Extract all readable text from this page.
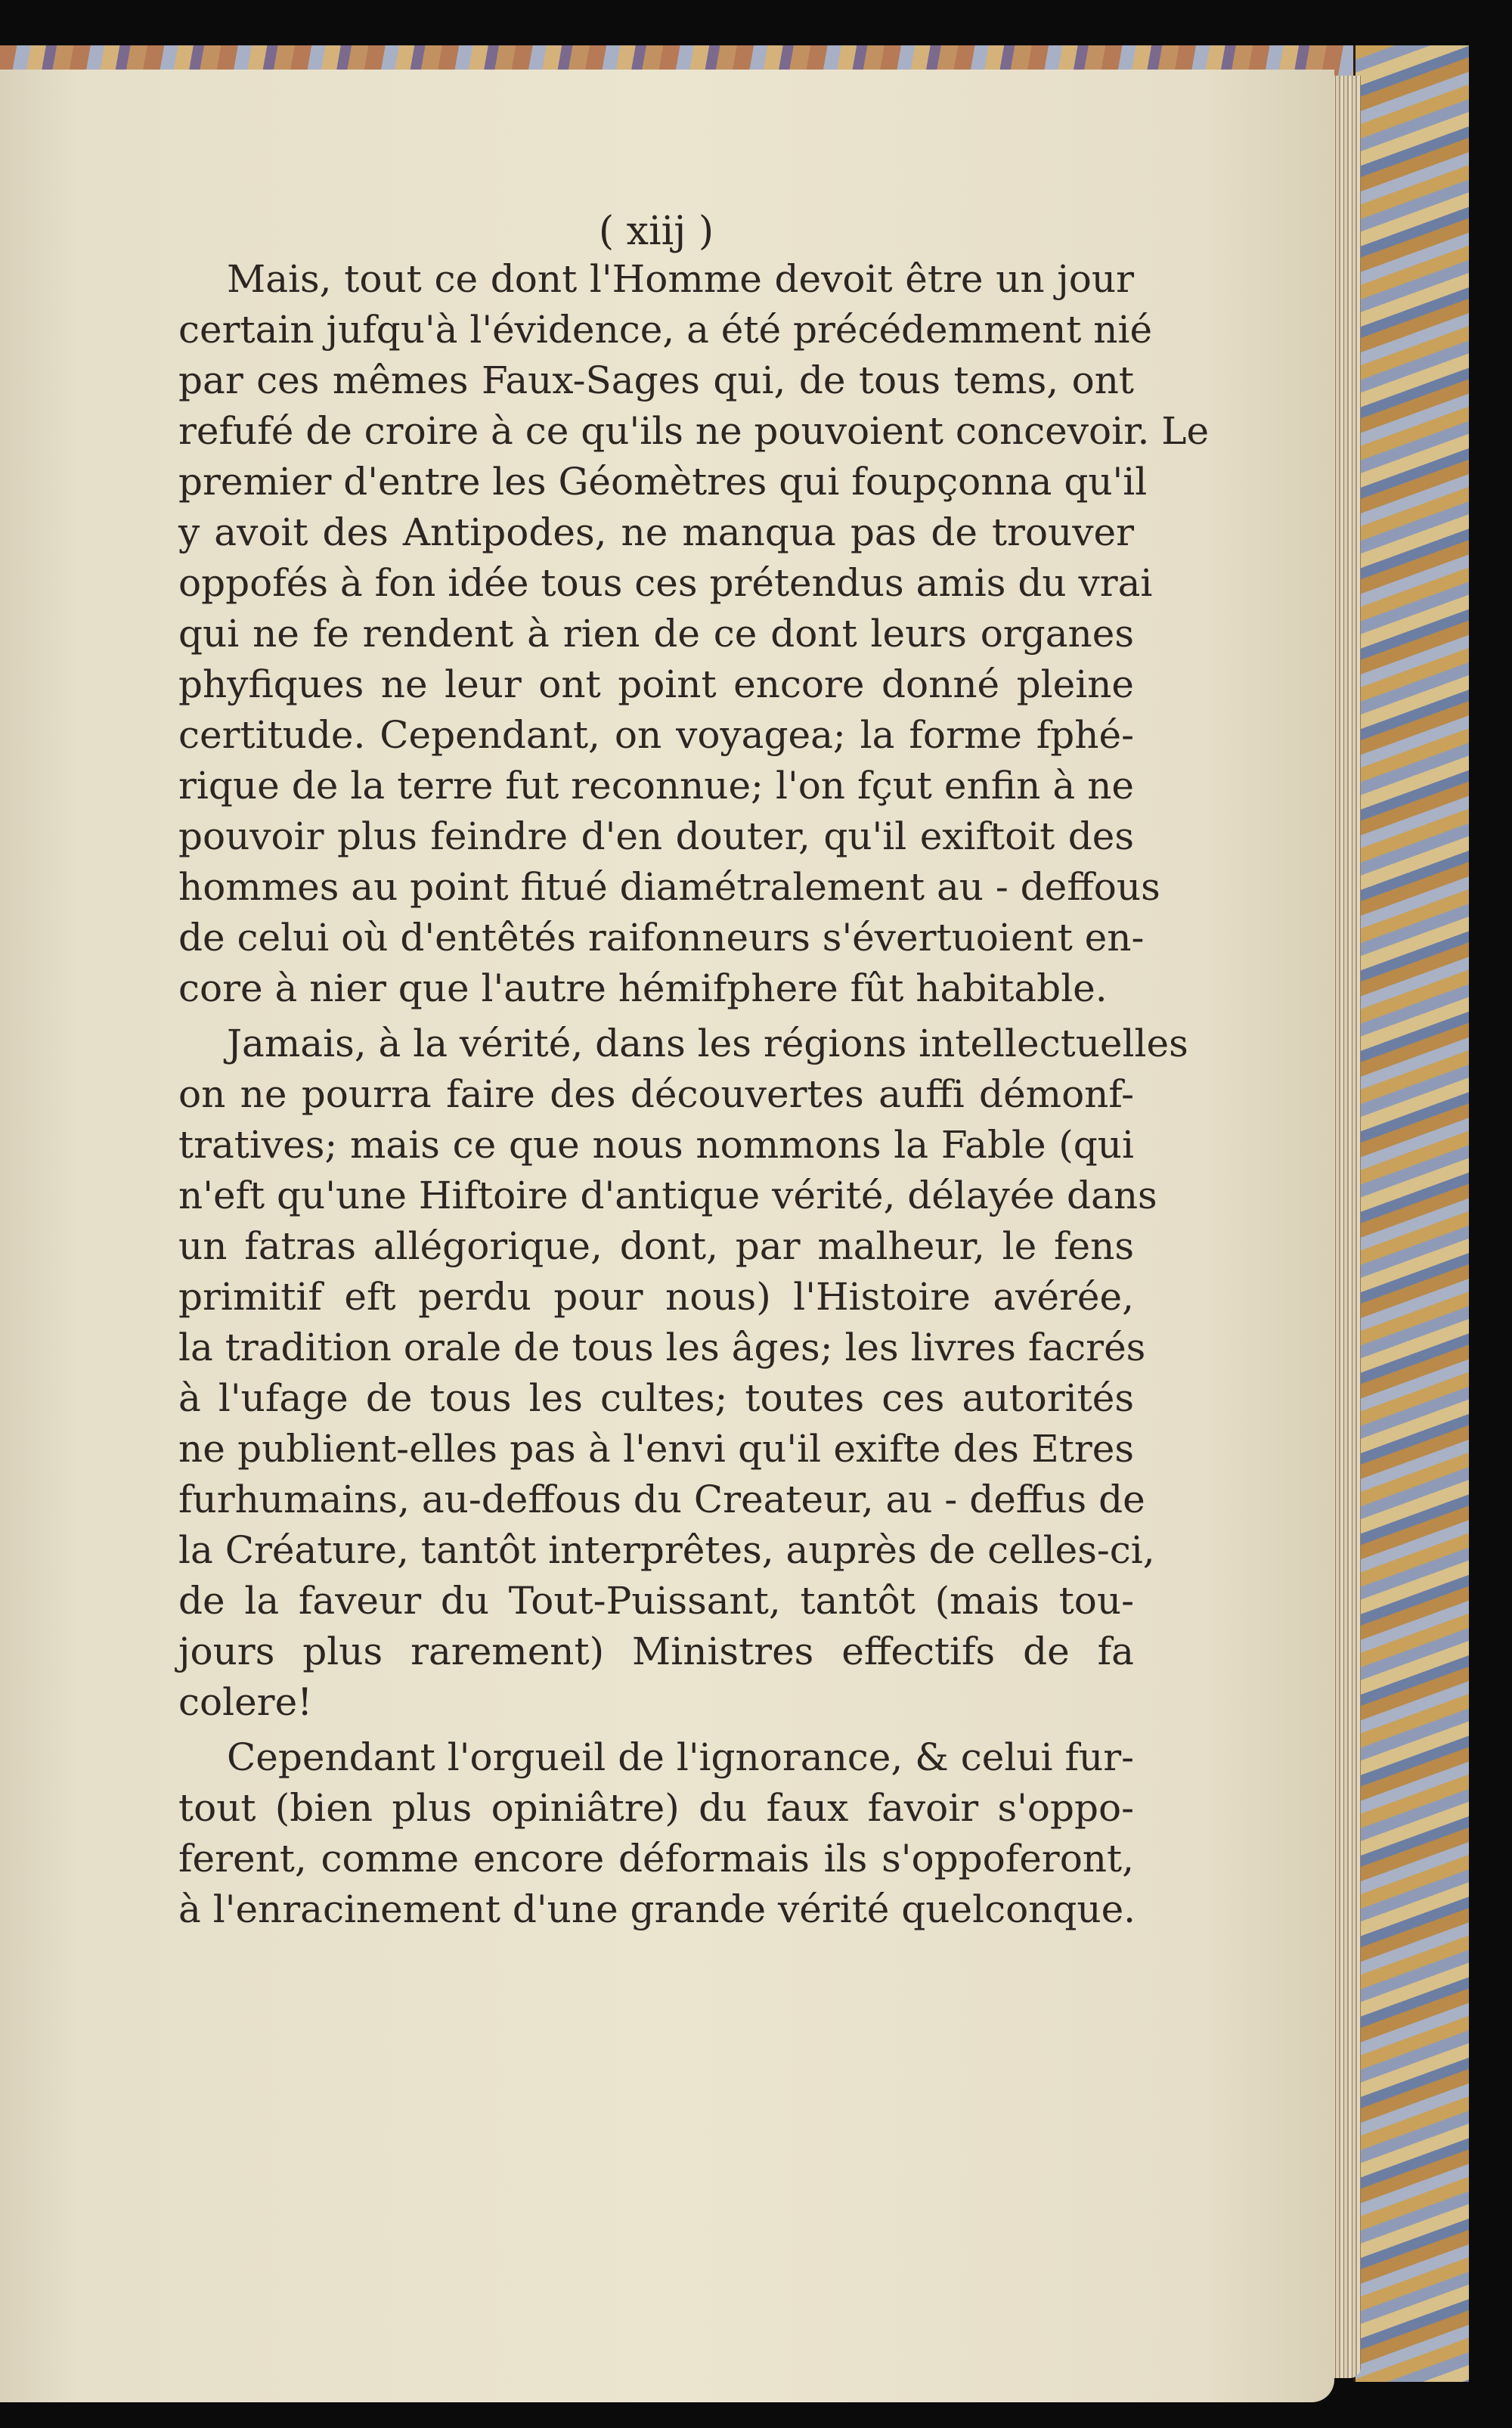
( xiij )
Mais, tout ce dont l'Homme devoit être un jour
certain jufqu'à l'évidence, a été précédemment nié
par ces mêmes Faux-Sages qui, de tous tems, ont
refufé de croire à ce qu'ils ne pouvoient concevoir. Le
premier d'entre les Géomètres qui foupçonna qu'il
y avoit des Antipodes, ne manqua pas de trouver
oppofés à fon idée tous ces prétendus amis du vrai
qui ne fe rendent à rien de ce dont leurs organes
phyfiques ne leur ont point encore donné pleine
certitude. Cependant, on voyagea; la forme fphé-
rique de la terre fut reconnue; l'on fçut enfin à ne
pouvoir plus feindre d'en douter, qu'il exiftoit des
hommes au point fitué diamétralement au - deffous
de celui où d'entêtés raifonneurs s'évertuoient en-
core à nier que l'autre hémifphere fût habitable.
Jamais, à la vérité, dans les régions intellectuelles
on ne pourra faire des découvertes auffi démonf-
tratives; mais ce que nous nommons la Fable (qui
n'eft qu'une Hiftoire d'antique vérité, délayée dans
un fatras allégorique, dont, par malheur, le fens
primitif eft perdu pour nous) l'Histoire avérée,
la tradition orale de tous les âges; les livres facrés
à l'ufage de tous les cultes; toutes ces autorités
ne publient-elles pas à l'envi qu'il exifte des Etres
furhumains, au-deffous du Createur, au - deffus de
la Créature, tantôt interprêtes, auprès de celles-ci,
de la faveur du Tout-Puissant, tantôt (mais tou-
jours plus rarement) Ministres effectifs de fa
colere!
Cependant l'orgueil de l'ignorance, & celui fur-
tout (bien plus opiniâtre) du faux favoir s'oppo-
ferent, comme encore déformais ils s'oppoferont,
à l'enracinement d'une grande vérité quelconque.
